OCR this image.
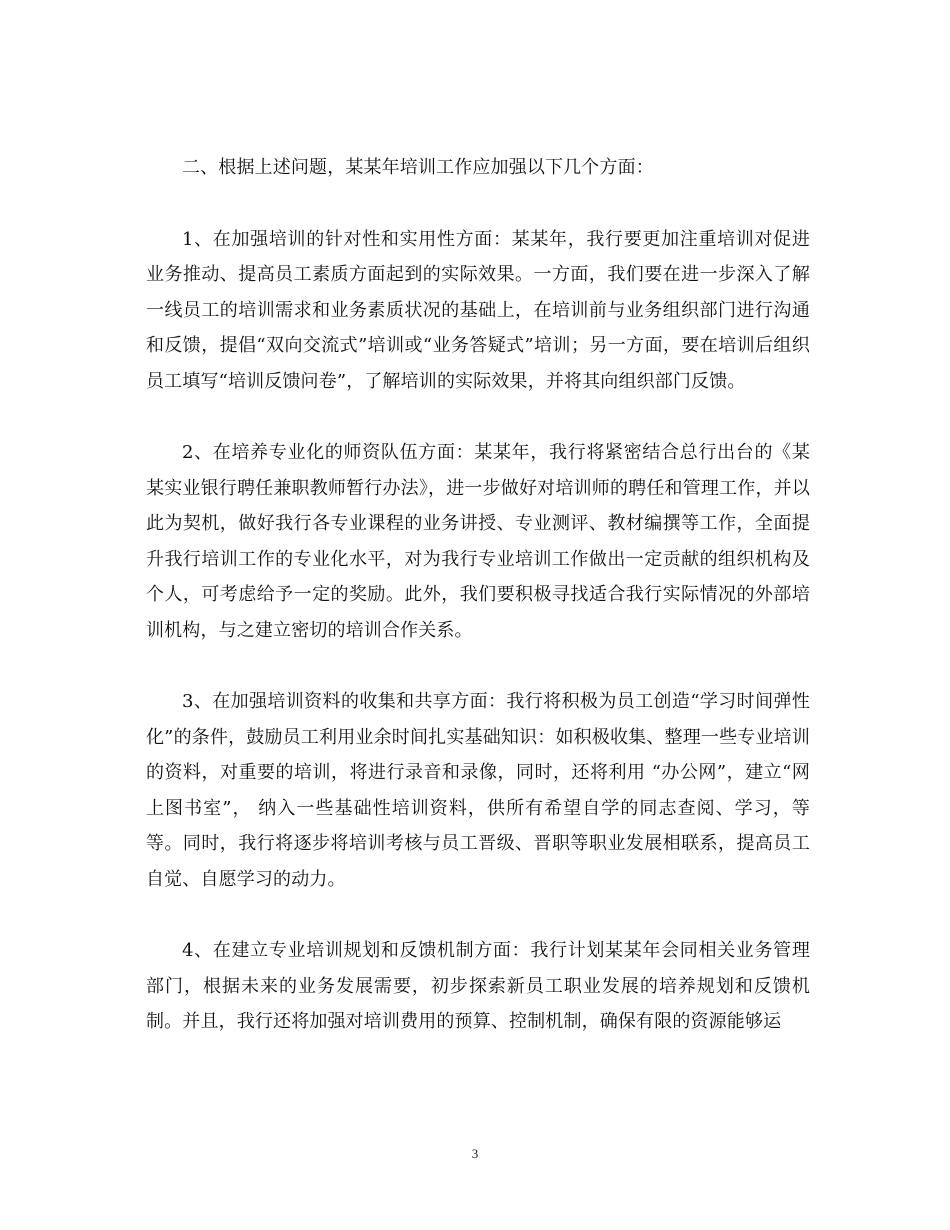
二、根据上述问题，某某年培训工作应加强以下几个方面：

1、在加强培训的针对性和实用性方面：某某年，我行要更加注重培训对促进业务推动、提高员工素质方面起到的实际效果。一方面，我们要在进一步深入了解一线员工的培训需求和业务素质状况的基础上，在培训前与业务组织部门进行沟通和反馈，提倡“双向交流式”培训或“业务答疑式”培训；另一方面，要在培训后组织员工填写“培训反馈问卷”，了解培训的实际效果，并将其向组织部门反馈。

2、在培养专业化的师资队伍方面：某某年，我行将紧密结合总行出台的《某某实业银行聘任兼职教师暂行办法》，进一步做好对培训师的聘任和管理工作，并以此为契机，做好我行各专业课程的业务讲授、专业测评、教材编撰等工作，全面提升我行培训工作的专业化水平，对为我行专业培训工作做出一定贡献的组织机构及个人，可考虑给予一定的奖励。此外，我们要积极寻找适合我行实际情况的外部培训机构，与之建立密切的培训合作关系。

3、在加强培训资料的收集和共享方面：我行将积极为员工创造“学习时间弹性化”的条件，鼓励员工利用业余时间扎实基础知识：如积极收集、整理一些专业培训的资料，对重要的培训，将进行录音和录像，同时，还将利用 “办公网”，建立“网上图书室”， 纳入一些基础性培训资料，供所有希望自学的同志查阅、学习，等等。同时，我行将逐步将培训考核与员工晋级、晋职等职业发展相联系，提高员工自觉、自愿学习的动力。

4、在建立专业培训规划和反馈机制方面：我行计划某某年会同相关业务管理部门，根据未来的业务发展需要，初步探索新员工职业发展的培养规划和反馈机制。并且，我行还将加强对培训费用的预算、控制机制，确保有限的资源能够运

3
